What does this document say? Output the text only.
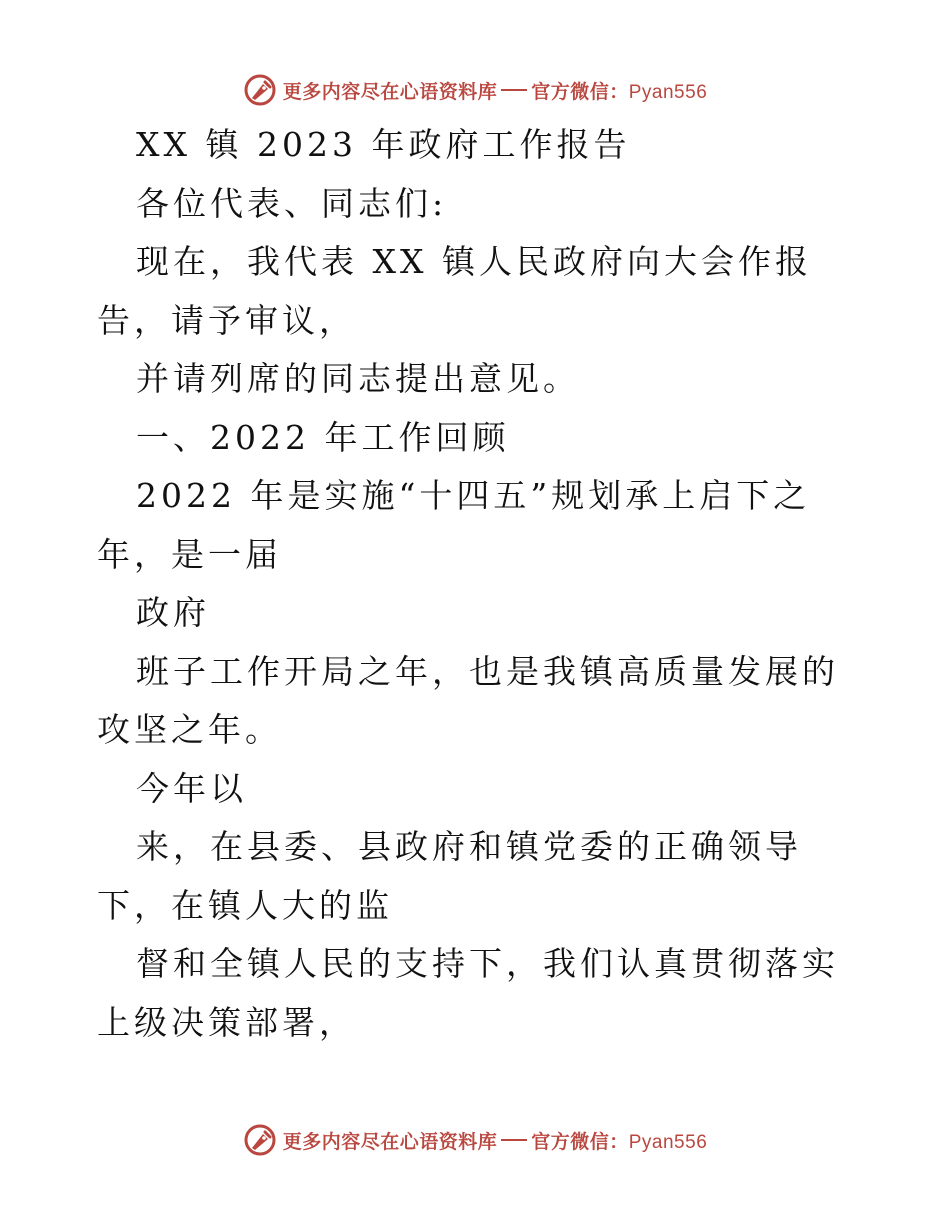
更多内容尽在心语资料库 官方微信：Pyan556

XX 镇 2023 年政府工作报告

各位代表、同志们:

现在，我代表 XX 镇人民政府向大会作报告，请予审议，

并请列席的同志提出意见。

一、2022 年工作回顾

2022 年是实施“十四五”规划承上启下之年，是一届

政府

班子工作开局之年，也是我镇高质量发展的攻坚之年。

今年以

来，在县委、县政府和镇党委的正确领导下，在镇人大的监

督和全镇人民的支持下，我们认真贯彻落实上级决策部署，

更多内容尽在心语资料库 官方微信：Pyan556
